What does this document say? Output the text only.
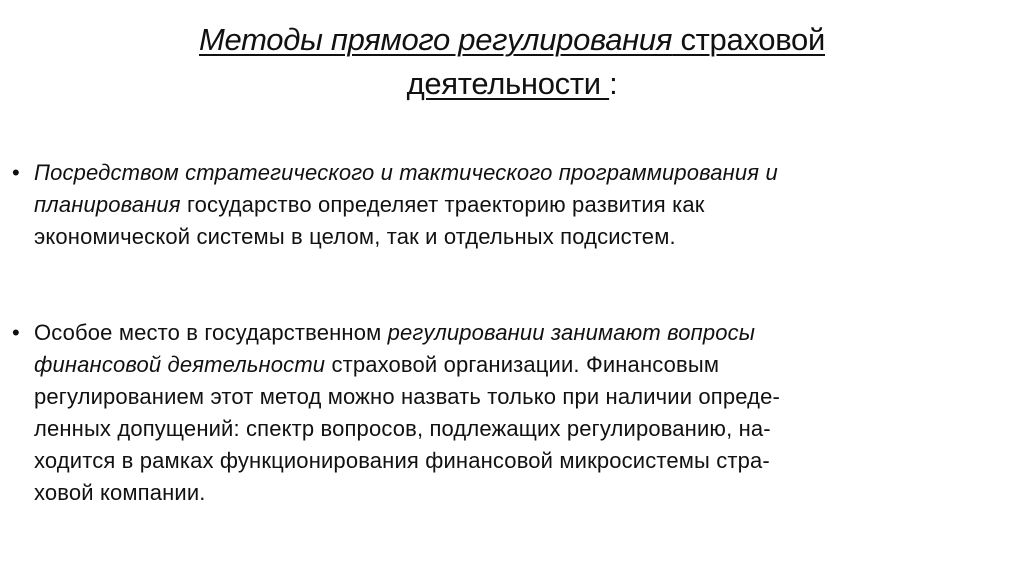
Методы прямого регулирования страховой
деятельности :
• Посредством стратегического и тактического программирования и
планирования государство определяет траекторию развития как
экономической системы в целом, так и отдельных подсистем.
• Особое место в государственном регулировании занимают вопросы
финансовой деятельности страховой организации. Финансовым
регулированием этот метод можно назвать только при наличии опреде-
ленных допущений: спектр вопросов, подлежащих регулированию, на-
ходится в рамках функционирования финансовой микросистемы стра-
ховой компании.
